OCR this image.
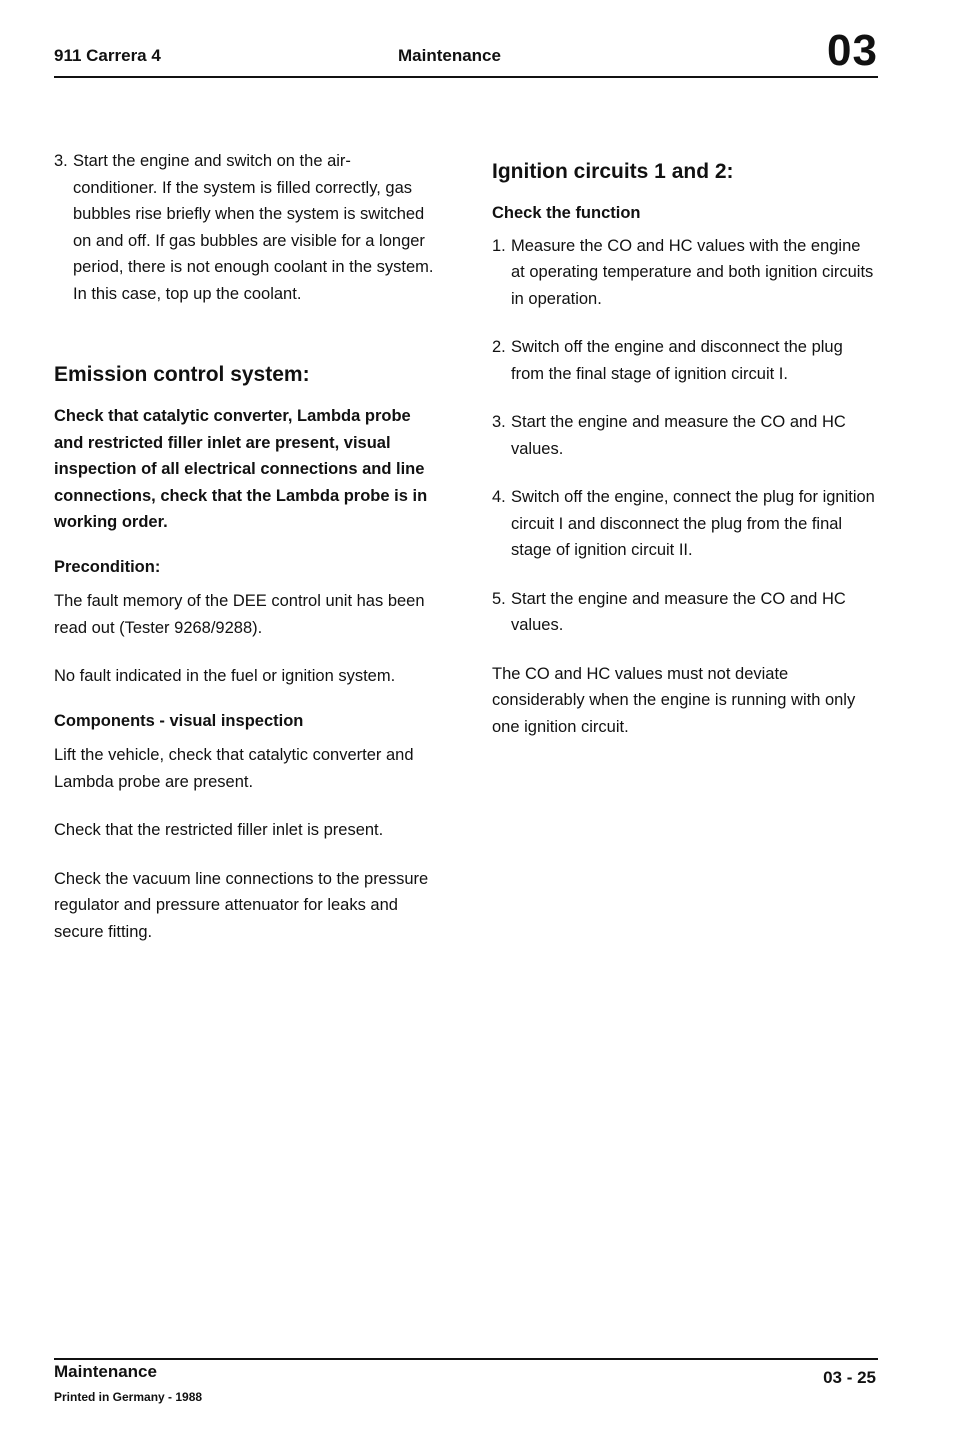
911 Carrera 4	Maintenance	03
3. Start the engine and switch on the air-conditioner. If the system is filled correctly, gas bubbles rise briefly when the system is switched on and off. If gas bubbles are visible for a longer period, there is not enough coolant in the system.

In this case, top up the coolant.

Emission control system:

Check that catalytic converter, Lambda probe and restricted filler inlet are present, visual inspection of all electrical connections and line connections, check that the Lambda probe is in working order.

Precondition:

The fault memory of the DEE control unit has been read out (Tester 9268/9288).

No fault indicated in the fuel or ignition system.

Components - visual inspection

Lift the vehicle, check that catalytic converter and Lambda probe are present.

Check that the restricted filler inlet is present.

Check the vacuum line connections to the pressure regulator and pressure attenuator for leaks and secure fitting.

Ignition circuits 1 and 2:

Check the function

1. Measure the CO and HC values with the engine at operating temperature and both ignition circuits in operation.

2. Switch off the engine and disconnect the plug from the final stage of ignition circuit I.

3. Start the engine and measure the CO and HC values.

4. Switch off the engine, connect the plug for ignition circuit I and disconnect the plug from the final stage of ignition circuit II.

5. Start the engine and measure the CO and HC values.

The CO and HC values must not deviate considerably when the engine is running with only one ignition circuit.

Maintenance
Printed in Germany - 1988
03 - 25
